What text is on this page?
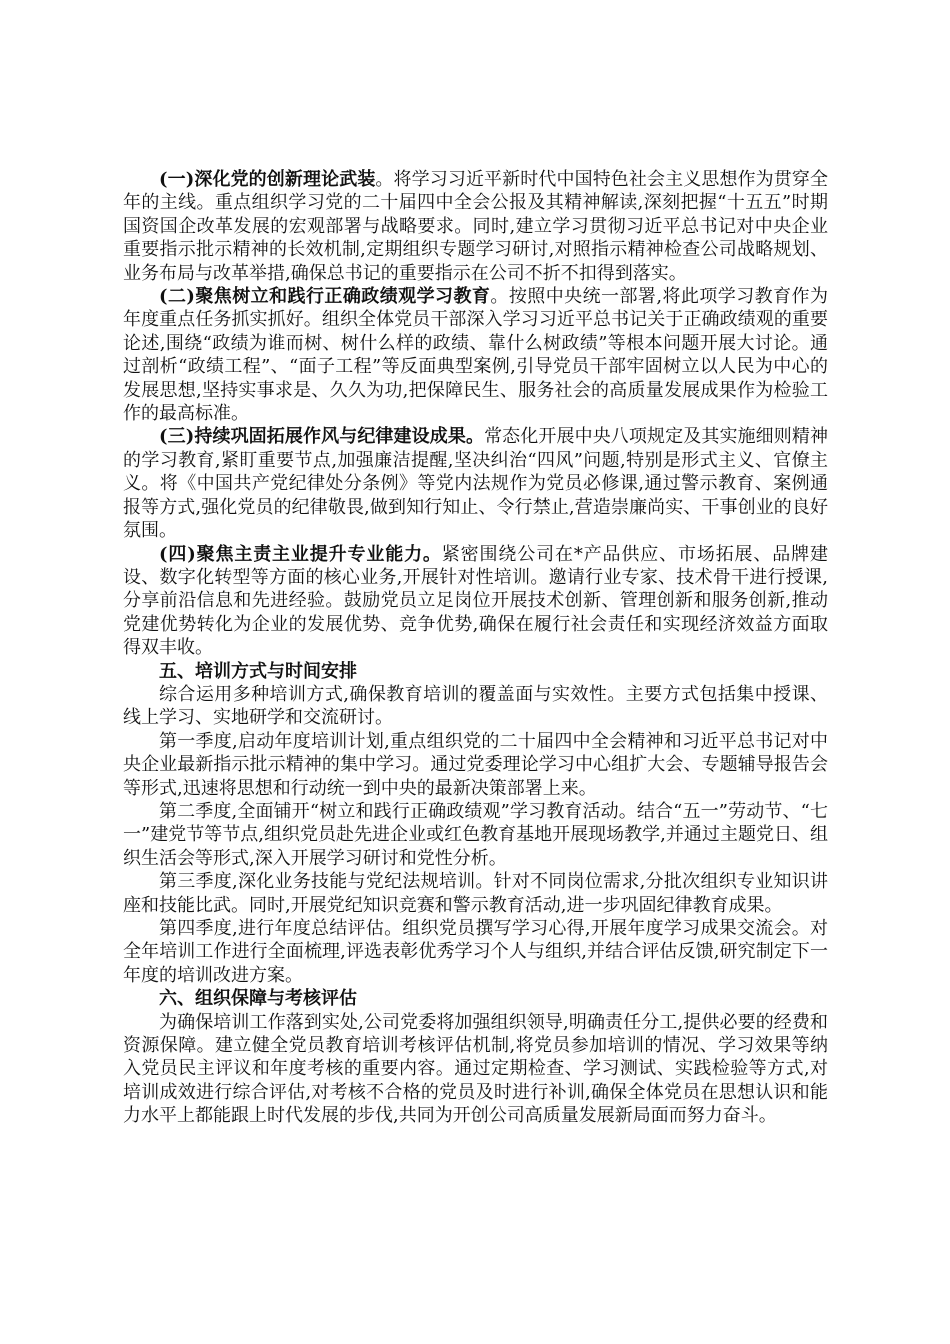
(一)深化党的创新理论武装。将学习习近平新时代中国特色社会主义思想作为贯穿全年的主线。重点组织学习党的二十届四中全会公报及其精神解读,深刻把握“十五五”时期国资国企改革发展的宏观部署与战略要求。同时,建立学习贯彻习近平总书记对中央企业重要指示批示精神的长效机制,定期组织专题学习研讨,对照指示精神检查公司战略规划、业务布局与改革举措,确保总书记的重要指示在公司不折不扣得到落实。

(二)聚焦树立和践行正确政绩观学习教育。按照中央统一部署,将此项学习教育作为年度重点任务抓实抓好。组织全体党员干部深入学习习近平总书记关于正确政绩观的重要论述,围绕“政绩为谁而树、树什么样的政绩、靠什么树政绩”等根本问题开展大讨论。通过剖析“政绩工程”、“面子工程”等反面典型案例,引导党员干部牢固树立以人民为中心的发展思想,坚持实事求是、久久为功,把保障民生、服务社会的高质量发展成果作为检验工作的最高标准。

(三)持续巩固拓展作风与纪律建设成果。常态化开展中央八项规定及其实施细则精神的学习教育,紧盯重要节点,加强廉洁提醒,坚决纠治“四风”问题,特别是形式主义、官僚主义。将《中国共产党纪律处分条例》等党内法规作为党员必修课,通过警示教育、案例通报等方式,强化党员的纪律敬畏,做到知行知止、令行禁止,营造崇廉尚实、干事创业的良好氛围。

(四)聚焦主责主业提升专业能力。紧密围绕公司在*产品供应、市场拓展、品牌建设、数字化转型等方面的核心业务,开展针对性培训。邀请行业专家、技术骨干进行授课,分享前沿信息和先进经验。鼓励党员立足岗位开展技术创新、管理创新和服务创新,推动党建优势转化为企业的发展优势、竞争优势,确保在履行社会责任和实现经济效益方面取得双丰收。

五、培训方式与时间安排

综合运用多种培训方式,确保教育培训的覆盖面与实效性。主要方式包括集中授课、线上学习、实地研学和交流研讨。

第一季度,启动年度培训计划,重点组织党的二十届四中全会精神和习近平总书记对中央企业最新指示批示精神的集中学习。通过党委理论学习中心组扩大会、专题辅导报告会等形式,迅速将思想和行动统一到中央的最新决策部署上来。

第二季度,全面铺开“树立和践行正确政绩观”学习教育活动。结合“五一”劳动节、“七一”建党节等节点,组织党员赴先进企业或红色教育基地开展现场教学,并通过主题党日、组织生活会等形式,深入开展学习研讨和党性分析。

第三季度,深化业务技能与党纪法规培训。针对不同岗位需求,分批次组织专业知识讲座和技能比武。同时,开展党纪知识竞赛和警示教育活动,进一步巩固纪律教育成果。

第四季度,进行年度总结评估。组织党员撰写学习心得,开展年度学习成果交流会。对全年培训工作进行全面梳理,评选表彰优秀学习个人与组织,并结合评估反馈,研究制定下一年度的培训改进方案。

六、组织保障与考核评估

为确保培训工作落到实处,公司党委将加强组织领导,明确责任分工,提供必要的经费和资源保障。建立健全党员教育培训考核评估机制,将党员参加培训的情况、学习效果等纳入党员民主评议和年度考核的重要内容。通过定期检查、学习测试、实践检验等方式,对培训成效进行综合评估,对考核不合格的党员及时进行补训,确保全体党员在思想认识和能力水平上都能跟上时代发展的步伐,共同为开创公司高质量发展新局面而努力奋斗。
